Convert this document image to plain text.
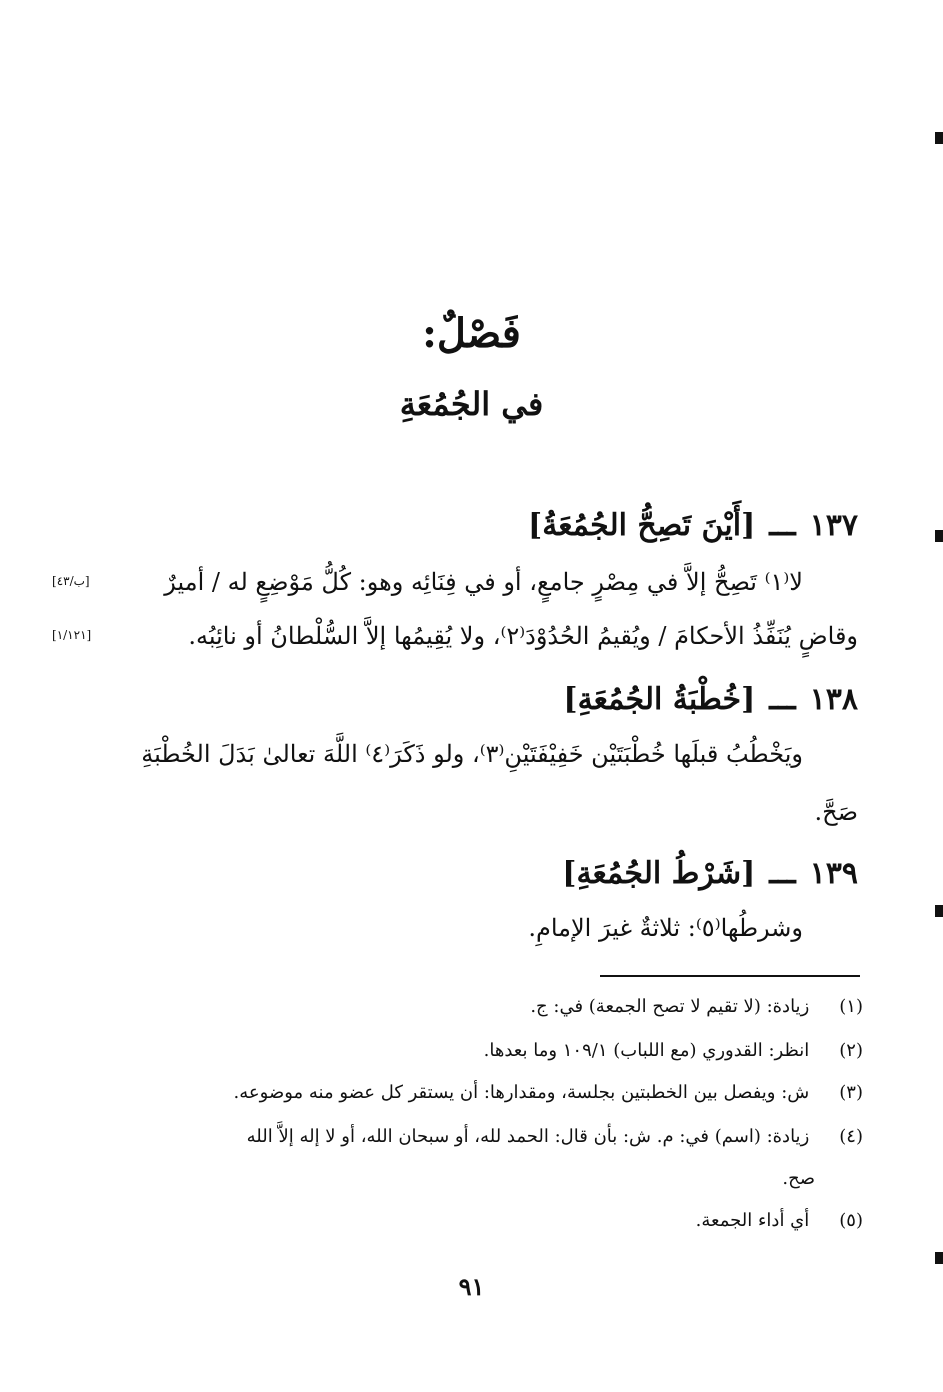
فَصْلٌ:
في الجُمُعَةِ
١٣٧ـــ[أَيْنَ تَصِحُّ الجُمُعَةُ]
لا⁽١⁾ تَصِحُّ إلاَّ في مِصْرٍ جامعٍ، أو في فِنَائِه وهو: كُلُّ مَوْضِعٍ له / أميرٌ
[ب/٤٣]
وقاضٍ يُنَفِّذُ الأحكامَ / ويُقيمُ الحُدُوْدَ⁽٢⁾، ولا يُقِيمُها إلاَّ السُّلْطانُ أو نائِبُه.
[١/١٢١]
١٣٨ـــ[خُطْبَةُ الجُمُعَةِ]
ويَخْطُبُ قبلَها خُطْبَتَيْن خَفِيْفَتَيْنِ⁽٣⁾، ولو ذَكَرَ⁽٤⁾ اللَّهَ تعالىٰ بَدَلَ الخُطْبَةِ
صَحَّ.
١٣٩ـــ[شَرْطُ الجُمُعَةِ]
وشرطُها⁽٥⁾: ثلاثةٌ غيرَ الإمامِ.
(١) زيادة: (لا تقيم لا تصح الجمعة) في: ج.
(٢) انظر: القدوري (مع اللباب) ١٠٩/١ وما بعدها.
(٣) ش: ويفصل بين الخطبتين بجلسة، ومقدارها: أن يستقر كل عضو منه موضوعه.
(٤) زيادة: (اسم) في: م. ش: بأن قال: الحمد لله، أو سبحان الله، أو لا إله إلاَّ الله
صح.
(٥) أي أداء الجمعة.
٩١
